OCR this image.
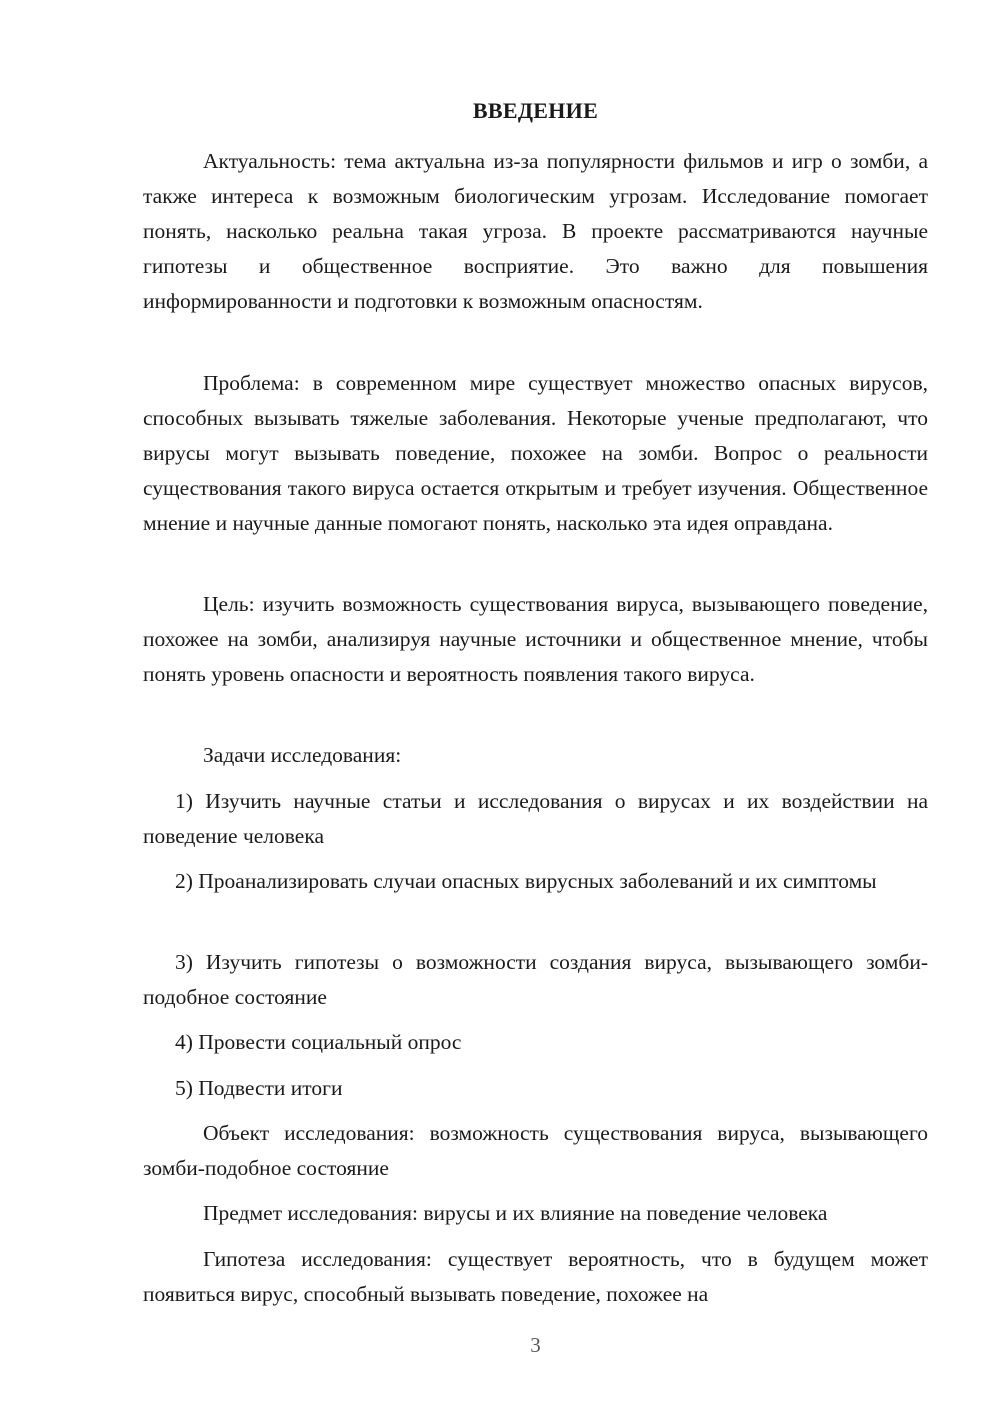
ВВЕДЕНИЕ

Актуальность: тема актуальна из-за популярности фильмов и игр о зомби, а также интереса к возможным биологическим угрозам. Исследование помогает понять, насколько реальна такая угроза. В проекте рассматриваются научные гипотезы и общественное восприятие. Это важно для повышения информированности и подготовки к возможным опасностям.

Проблема: в современном мире существует множество опасных вирусов, способных вызывать тяжелые заболевания. Некоторые ученые предполагают, что вирусы могут вызывать поведение, похожее на зомби. Вопрос о реальности существования такого вируса остается открытым и требует изучения. Общественное мнение и научные данные помогают понять, насколько эта идея оправдана.

Цель: изучить возможность существования вируса, вызывающего поведение, похожее на зомби, анализируя научные источники и общественное мнение, чтобы понять уровень опасности и вероятность появления такого вируса.

Задачи исследования:

1) Изучить научные статьи и исследования о вирусах и их воздействии на поведение человека

2) Проанализировать случаи опасных вирусных заболеваний и их симптомы

3) Изучить гипотезы о возможности создания вируса, вызывающего зомби-подобное состояние

4) Провести социальный опрос

5) Подвести итоги

Объект исследования: возможность существования вируса, вызывающего зомби-подобное состояние

Предмет исследования: вирусы и их влияние на поведение человека

Гипотеза исследования: существует вероятность, что в будущем может появиться вирус, способный вызывать поведение, похожее на

3
